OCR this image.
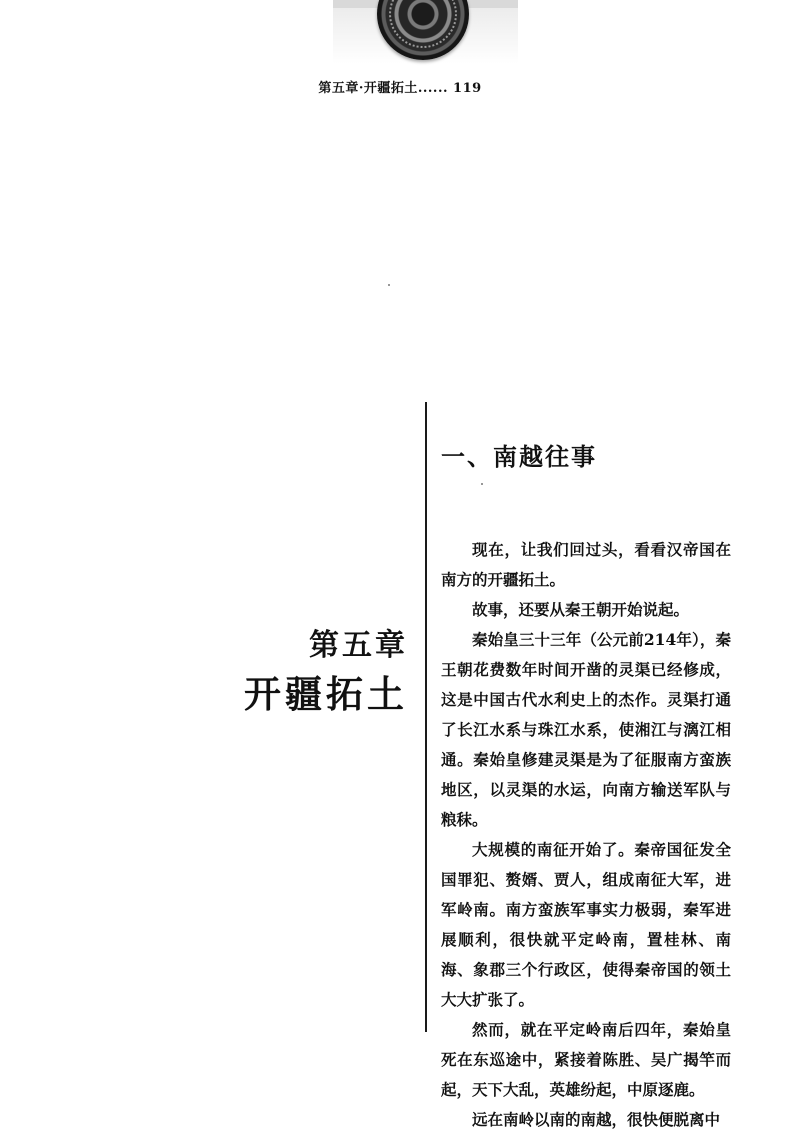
第五章·开疆拓土...... 119
第五章
开疆拓土
一、南越往事

现在，让我们回过头，看看汉帝国在南方的开疆拓土。

故事，还要从秦王朝开始说起。

秦始皇三十三年（公元前214年），秦王朝花费数年时间开凿的灵渠已经修成，这是中国古代水利史上的杰作。灵渠打通了长江水系与珠江水系，使湘江与漓江相通。秦始皇修建灵渠是为了征服南方蛮族地区，以灵渠的水运，向南方输送军队与粮秣。

大规模的南征开始了。秦帝国征发全国罪犯、赘婿、贾人，组成南征大军，进军岭南。南方蛮族军事实力极弱，秦军进展顺利，很快就平定岭南，置桂林、南海、象郡三个行政区，使得秦帝国的领土大大扩张了。

然而，就在平定岭南后四年，秦始皇死在东巡途中，紧接着陈胜、吴广揭竿而起，天下大乱，英雄纷起，中原逐鹿。

远在南岭以南的南越，很快便脱离中
